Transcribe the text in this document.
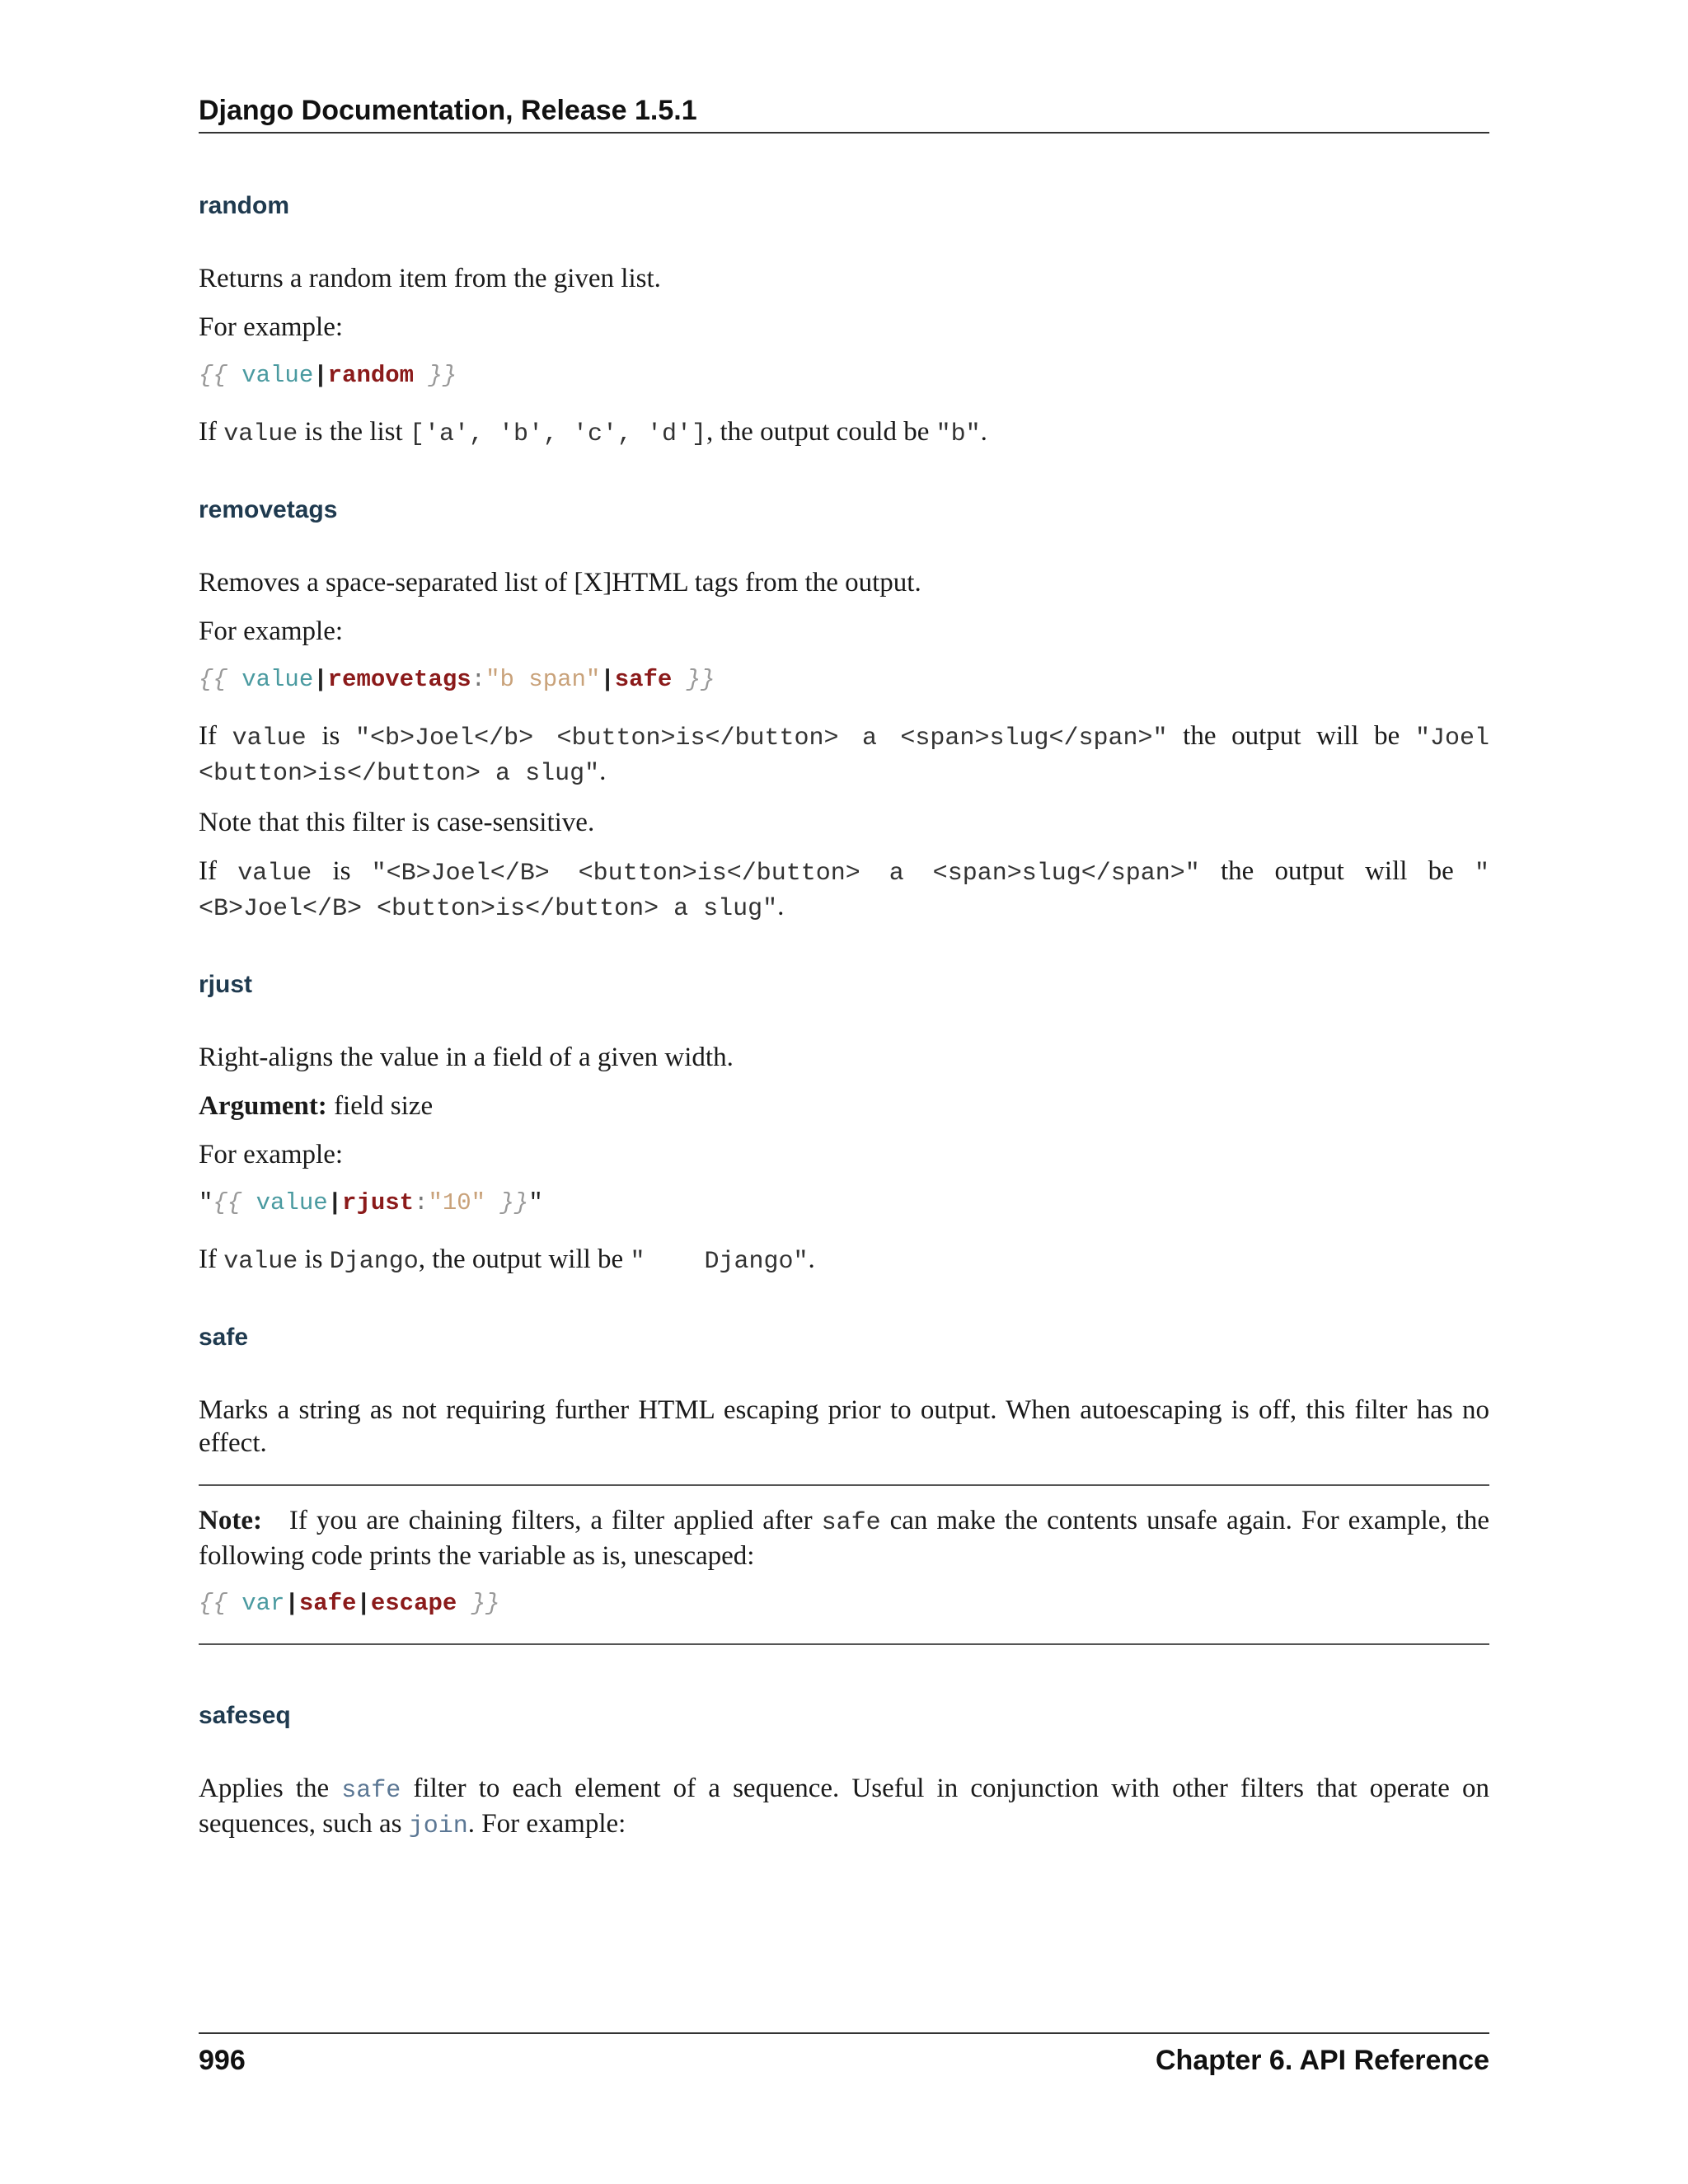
Django Documentation, Release 1.5.1
random

Returns a random item from the given list.

For example:

{{ value|random }}

If value is the list ['a', 'b', 'c', 'd'], the output could be "b".

removetags

Removes a space-separated list of [X]HTML tags from the output.

For example:

{{ value|removetags:"b span"|safe }}

If value is "<b>Joel</b> <button>is</button> a <span>slug</span>" the output will be "Joel <button>is</button> a slug".

Note that this filter is case-sensitive.

If value is "<B>Joel</B> <button>is</button> a <span>slug</span>" the output will be "<B>Joel</B> <button>is</button> a slug".

rjust

Right-aligns the value in a field of a given width.

Argument: field size

For example:

"{{ value|rjust:"10" }}"

If value is Django, the output will be "    Django".

safe

Marks a string as not requiring further HTML escaping prior to output. When autoescaping is off, this filter has no effect.

Note:   If you are chaining filters, a filter applied after safe can make the contents unsafe again. For example, the following code prints the variable as is, unescaped:

{{ var|safe|escape }}
safeseq

Applies the safe filter to each element of a sequence. Useful in conjunction with other filters that operate on sequences, such as join. For example:

996	Chapter 6. API Reference
